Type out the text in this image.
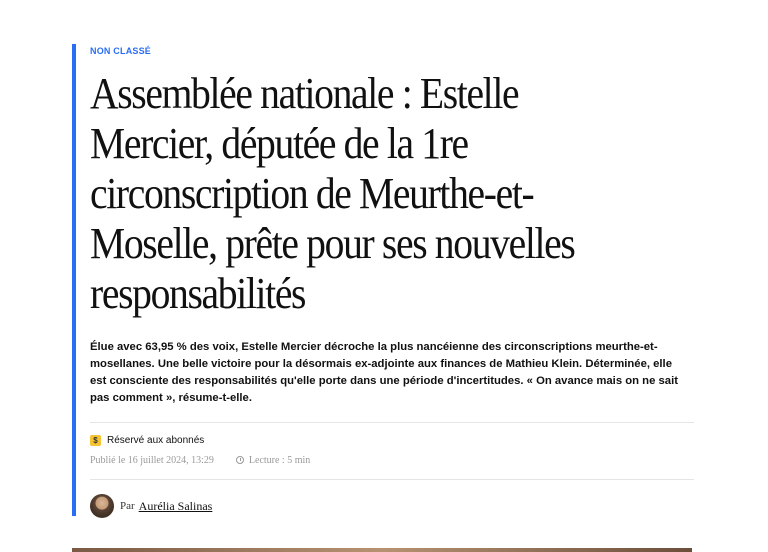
NON CLASSÉ
Assemblée nationale : Estelle Mercier, députée de la 1re circonscription de Meurthe-et-Moselle, prête pour ses nouvelles responsabilités

Élue avec 63,95 % des voix, Estelle Mercier décroche la plus nancéienne des circonscriptions meurthe-et-mosellanes. Une belle victoire pour la désormais ex-adjointe aux finances de Mathieu Klein. Déterminée, elle est consciente des responsabilités qu'elle porte dans une période d'incertitudes. « On avance mais on ne sait pas comment », résume-t-elle.

$ Réservé aux abonnés
Publié le 16 juillet 2024, 13:29	Lecture : 5 min
Par Aurélia Salinas
